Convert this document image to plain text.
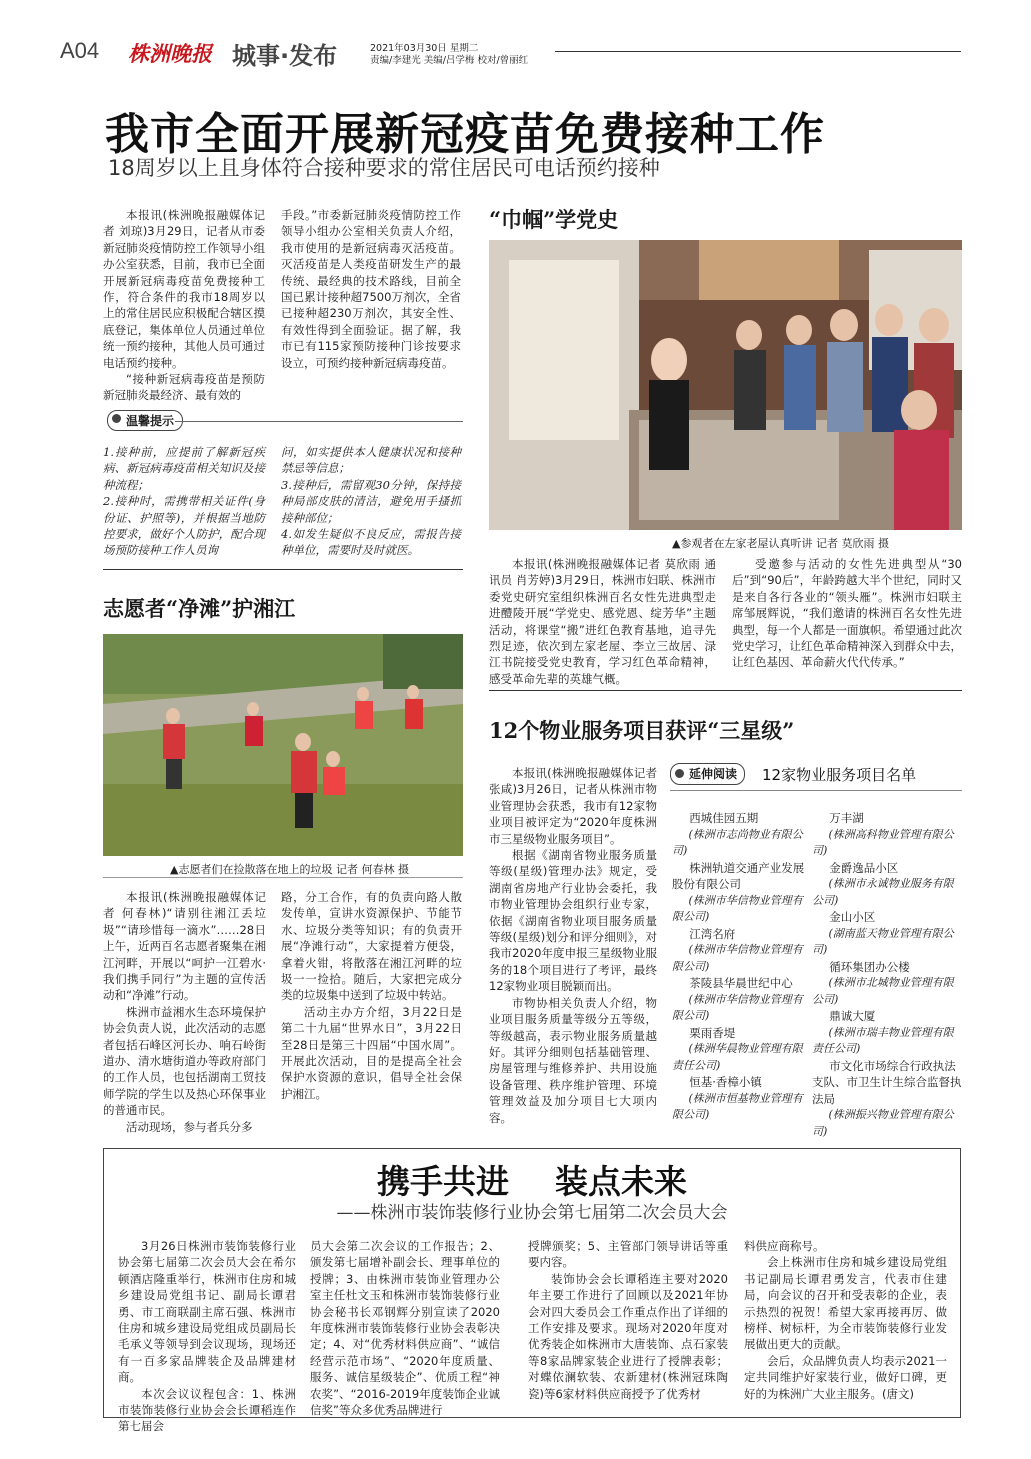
A04 株洲晚报 城事·发布	2021年03月30日 星期二
责编/李建光 美编/吕学梅 校对/曾丽红
我市全面开展新冠疫苗免费接种工作
18周岁以上且身体符合接种要求的常住居民可电话预约接种

本报讯(株洲晚报融媒体记者 刘琼)3月29日，记者从市委新冠肺炎疫情防控工作领导小组办公室获悉，目前，我市已全面开展新冠病毒疫苗免费接种工作，符合条件的我市18周岁以上的常住居民应积极配合辖区摸底登记，集体单位人员通过单位统一预约接种，其他人员可通过电话预约接种。

“接种新冠病毒疫苗是预防新冠肺炎最经济、最有效的

手段。”市委新冠肺炎疫情防控工作领导小组办公室相关负责人介绍，我市使用的是新冠病毒灭活疫苗。灭活疫苗是人类疫苗研发生产的最传统、最经典的技术路线，目前全国已累计接种超7500万剂次，全省已接种超230万剂次，其安全性、有效性得到全面验证。据了解，我市已有115家预防接种门诊按要求设立，可预约接种新冠病毒疫苗。

温馨提示
1.接种前，应提前了解新冠疾病、新冠病毒疫苗相关知识及接种流程；
2.接种时，需携带相关证件(身份证、护照等)，并根据当地防控要求，做好个人防护，配合现场预防接种工作人员询
问，如实提供本人健康状况和接种禁忌等信息；
3.接种后，需留观30分钟，保持接种局部皮肤的清洁，避免用手搔抓接种部位；
4.如发生疑似不良反应，需报告接种单位，需要时及时就医。
“巾帼”学党史
▲参观者在左家老屋认真听讲 记者 莫欣雨 摄

本报讯(株洲晚报融媒体记者 莫欣雨 通讯员 肖芳婷)3月29日，株洲市妇联、株洲市委党史研究室组织株洲百名女性先进典型走进醴陵开展“学党史、感党恩、绽芳华”主题活动，将课堂“搬”进红色教育基地，追寻先烈足迹，依次到左家老屋、李立三故居、渌江书院接受党史教育，学习红色革命精神，感受革命先辈的英雄气概。

受邀参与活动的女性先进典型从“30后”到“90后”，年龄跨越大半个世纪，同时又是来自各行各业的“领头雁”。株洲市妇联主席邹展辉说，“我们邀请的株洲百名女性先进典型，每一个人都是一面旗帜。希望通过此次党史学习，让红色革命精神深入到群众中去，让红色基因、革命薪火代代传承。”

志愿者“净滩”护湘江
▲志愿者们在捡散落在地上的垃圾 记者 何春林 摄

本报讯(株洲晚报融媒体记者 何春林)“请别往湘江丢垃圾”“请珍惜每一滴水”……28日上午，近两百名志愿者聚集在湘江河畔，开展以“呵护一江碧水·我们携手同行”为主题的宣传活动和“净滩”行动。

株洲市益湘水生态环境保护协会负责人说，此次活动的志愿者包括石峰区河长办、响石岭街道办、清水塘街道办等政府部门的工作人员，也包括湖南工贸技师学院的学生以及热心环保事业的普通市民。

活动现场，参与者兵分多

路，分工合作，有的负责向路人散发传单，宣讲水资源保护、节能节水、垃圾分类等知识；有的负责开展“净滩行动”，大家提着方便袋，拿着火钳，将散落在湘江河畔的垃圾一一捡拾。随后，大家把完成分类的垃圾集中送到了垃圾中转站。

活动主办方介绍，3月22日是第二十九届“世界水日”，3月22日至28日是第三十四届“中国水周”。开展此次活动，目的是提高全社会保护水资源的意识，倡导全社会保护湘江。

12个物业服务项目获评“三星级”

本报讯(株洲晚报融媒体记者 张咸)3月26日，记者从株洲市物业管理协会获悉，我市有12家物业项目被评定为“2020年度株洲市三星级物业服务项目”。

根据《湖南省物业服务质量等级(星级)管理办法》规定，受湖南省房地产行业协会委托，我市物业管理协会组织行业专家，依据《湖南省物业项目服务质量等级(星级)划分和评分细则》，对我市2020年度申报三星级物业服务的18个项目进行了考评，最终12家物业项目脱颖而出。

市物协相关负责人介绍，物业项目服务质量等级分五等级，等级越高，表示物业服务质量越好。其评分细则包括基础管理、房屋管理与维修养护、共用设施设备管理、秩序维护管理、环境管理效益及加分项目七大项内容。

延伸阅读	12家物业服务项目名单
西城佳园五期
(株洲市志尚物业有限公司)
株洲轨道交通产业发展股份有限公司
(株洲市华信物业管理有限公司)
江湾名府
(株洲市华信物业管理有限公司)
茶陵县华晨世纪中心
(株洲市华信物业管理有限公司)
栗雨香堤
(株洲华晨物业管理有限责任公司)
恒基·香樟小镇
(株洲市恒基物业管理有限公司)
万丰湖
(株洲高科物业管理有限公司)
金爵逸品小区
(株洲市永诚物业服务有限公司)
金山小区
(湖南蓝天物业管理有限公司)
循环集团办公楼
(株洲市北城物业管理有限公司)
鼎诚大厦
(株洲市瑞丰物业管理有限责任公司)
市文化市场综合行政执法支队、市卫生计生综合监督执法局
(株洲振兴物业管理有限公司)
携手共进    装点未来
——株洲市装饰装修行业协会第七届第二次会员大会

3月26日株洲市装饰装修行业协会第七届第二次会员大会在希尔顿酒店隆重举行，株洲市住房和城乡建设局党组书记、副局长谭君勇、市工商联副主席石强、株洲市住房和城乡建设局党组成员副局长毛承义等领导到会议现场，现场还有一百多家品牌装企及品牌建材商。

本次会议议程包含：1、株洲市装饰装修行业协会会长谭稻连作第七届会

员大会第二次会议的工作报告；2、颁发第七届增补副会长、理事单位的授牌；3、由株洲市装饰业管理办公室主任杜文玉和株洲市装饰装修行业协会秘书长邓钢辉分别宣读了2020年度株洲市装饰装修行业协会表彰决定；4、对“优秀材料供应商”、“诚信经营示范市场”、“2020年度质量、服务、诚信星级装企”、优质工程“神农奖”、“2016-2019年度装饰企业诚信奖”等众多优秀品牌进行

授牌颁奖；5、主管部门领导讲话等重要内容。

装饰协会会长谭稻连主要对2020年主要工作进行了回顾以及2021年协会对四大委员会工作重点作出了详细的工作安排及要求。现场对2020年度对优秀装企如株洲市大唐装饰、点石家装等8家品牌家装企业进行了授牌表彰；对蝶依澜软装、农新建材(株洲冠珠陶瓷)等6家材料供应商授予了优秀材

料供应商称号。

会上株洲市住房和城乡建设局党组书记副局长谭君勇发言，代表市住建局，向会议的召开和受表彰的企业，表示热烈的祝贺！希望大家再接再厉、做榜样、树标杆，为全市装饰装修行业发展做出更大的贡献。

会后，众品牌负责人均表示2021一定共同维护好家装行业，做好口碑，更好的为株洲广大业主服务。(唐文)
